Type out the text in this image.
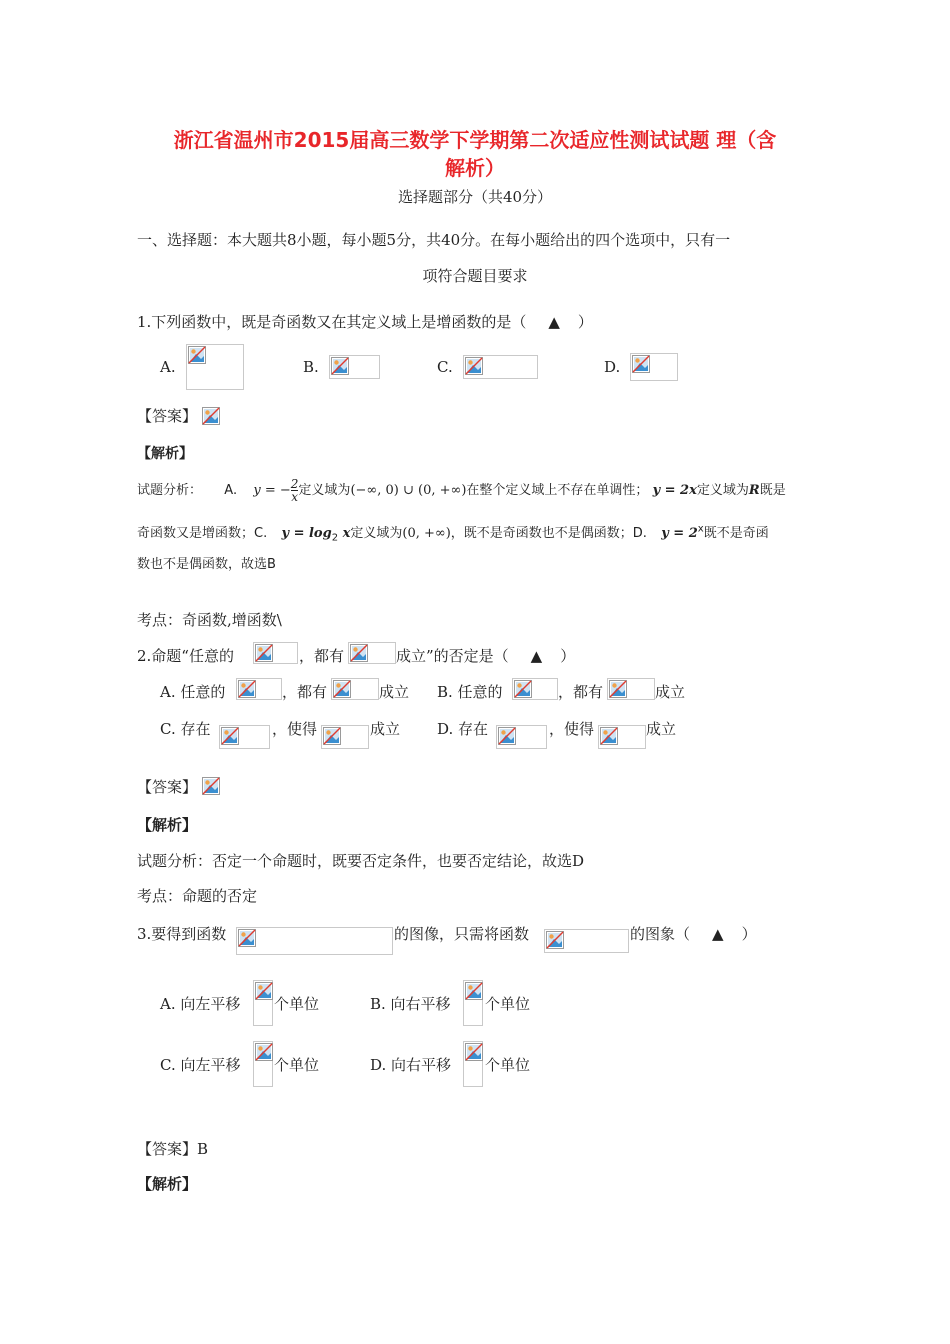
浙江省温州市2015届高三数学下学期第二次适应性测试试题 理（含
解析）
选择题部分（共40分）
一、选择题：本大题共8小题，每小题5分，共40分。在每小题给出的四个选项中，只有一
项符合题目要求
1.下列函数中，既是奇函数又在其定义域上是增函数的是（ ▲ ）
A.	B.	C.	D.
【答案】
【解析】
试题分析： A. y = − $\frac{2}{x}$ 定义域为(−∞, 0) ∪ (0, +∞)在整个定义域上不存在单调性； y = 2x定义域为R既是
奇函数又是增函数；C. $y = \log_2 x$定义域为(0, +∞)，既不是奇函数也不是偶函数；D. $y = 2^x$既不是奇函
数也不是偶函数，故选B
考点：奇函数,增函数\
2.命题“任意的	，都有	成立”的否定是（ ▲ ）
A. 任意的	，都有	成立 B. 任意的	，都有	成立
C. 存在	，使得	成立 D. 存在	，使得	成立
【答案】
【解析】
试题分析：否定一个命题时，既要否定条件，也要否定结论，故选D
考点：命题的否定
3.要得到函数	的图像，只需将函数	的图象（ ▲ ）
A. 向左平移 个单位	B. 向右平移 个单位
C. 向左平移 个单位	D. 向右平移 个单位
【答案】B
【解析】
